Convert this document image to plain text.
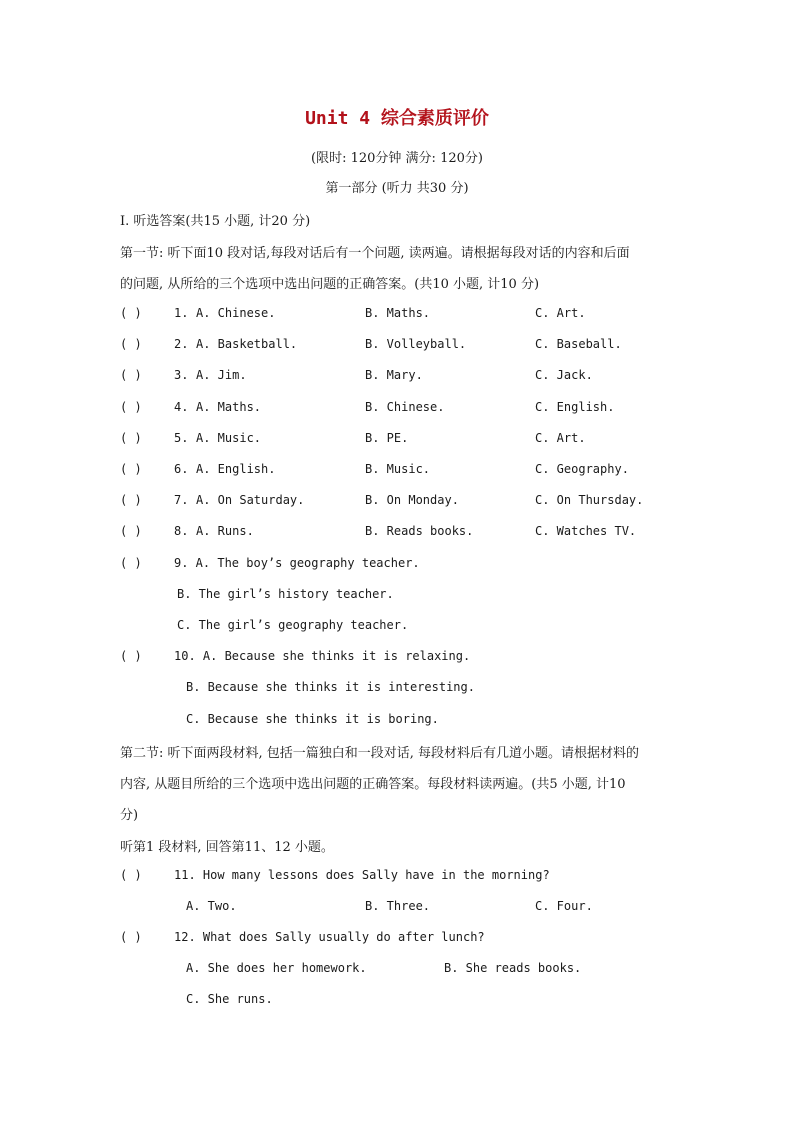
Unit 4 综合素质评价
(限时: 120分钟 满分: 120分)
第一部分 (听力 共30 分)
I. 听选答案(共15 小题, 计20 分)
第一节: 听下面10 段对话,每段对话后有一个问题, 读两遍。请根据每段对话的内容和后面
的问题, 从所给的三个选项中选出问题的正确答案。(共10 小题, 计10 分)
( )	1. A. Chinese.	B. Maths.	C. Art.
( )	2. A. Basketball.	B. Volleyball.	C. Baseball.
( )	3. A. Jim.	B. Mary.	C. Jack.
( )	4. A. Maths.	B. Chinese.	C. English.
( )	5. A. Music.	B. PE.	C. Art.
( )	6. A. English.	B. Music.	C. Geography.
( )	7. A. On Saturday.	B. On Monday.	C. On Thursday.
( )	8. A. Runs.	B. Reads books.	C. Watches TV.
( )	9. A. The boy’s geography teacher.
B. The girl’s history teacher.
C. The girl’s geography teacher.
( )	10. A. Because she thinks it is relaxing.
B. Because she thinks it is interesting.
C. Because she thinks it is boring.
第二节: 听下面两段材料, 包括一篇独白和一段对话, 每段材料后有几道小题。请根据材料的
内容, 从题目所给的三个选项中选出问题的正确答案。每段材料读两遍。(共5 小题, 计10
分)
听第1 段材料, 回答第11、12 小题。
( )	11. How many lessons does Sally have in the morning?
A. Two.	B. Three.	C. Four.
( )	12. What does Sally usually do after lunch?
A. She does her homework.	B. She reads books.
C. She runs.
